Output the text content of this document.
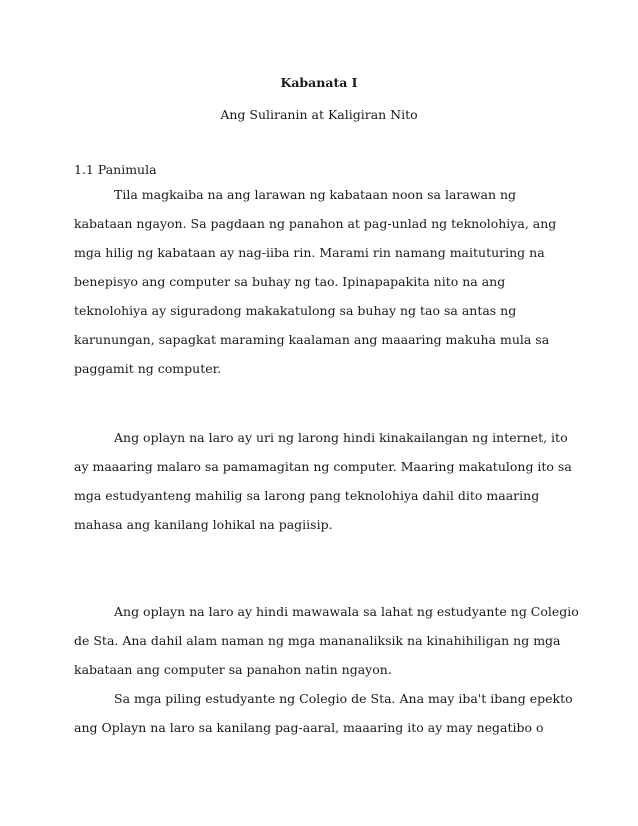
Kabanata I
Ang Suliranin at Kaligiran Nito
1.1 Panimula
Tila magkaiba na ang larawan ng kabataan noon sa larawan ng
kabataan ngayon. Sa pagdaan ng panahon at pag-unlad ng teknolohiya, ang
mga hilig ng kabataan ay nag-iiba rin. Marami rin namang maituturing na
benepisyo ang computer sa buhay ng tao. Ipinapapakita nito na ang
teknolohiya ay siguradong makakatulong sa buhay ng tao sa antas ng
karunungan, sapagkat maraming kaalaman ang maaaring makuha mula sa
paggamit ng computer.
Ang oplayn na laro ay uri ng larong hindi kinakailangan ng internet, ito
ay maaaring malaro sa pamamagitan ng computer. Maaring makatulong ito sa
mga estudyanteng mahilig sa larong pang teknolohiya dahil dito maaring
mahasa ang kanilang lohikal na pagiisip.
Ang oplayn na laro ay hindi mawawala sa lahat ng estudyante ng Colegio
de Sta. Ana dahil alam naman ng mga mananaliksik na kinahihiligan ng mga
kabataan ang computer sa panahon natin ngayon.
Sa mga piling estudyante ng Colegio de Sta. Ana may iba't ibang epekto
ang Oplayn na laro sa kanilang pag-aaral, maaaring ito ay may negatibo o
